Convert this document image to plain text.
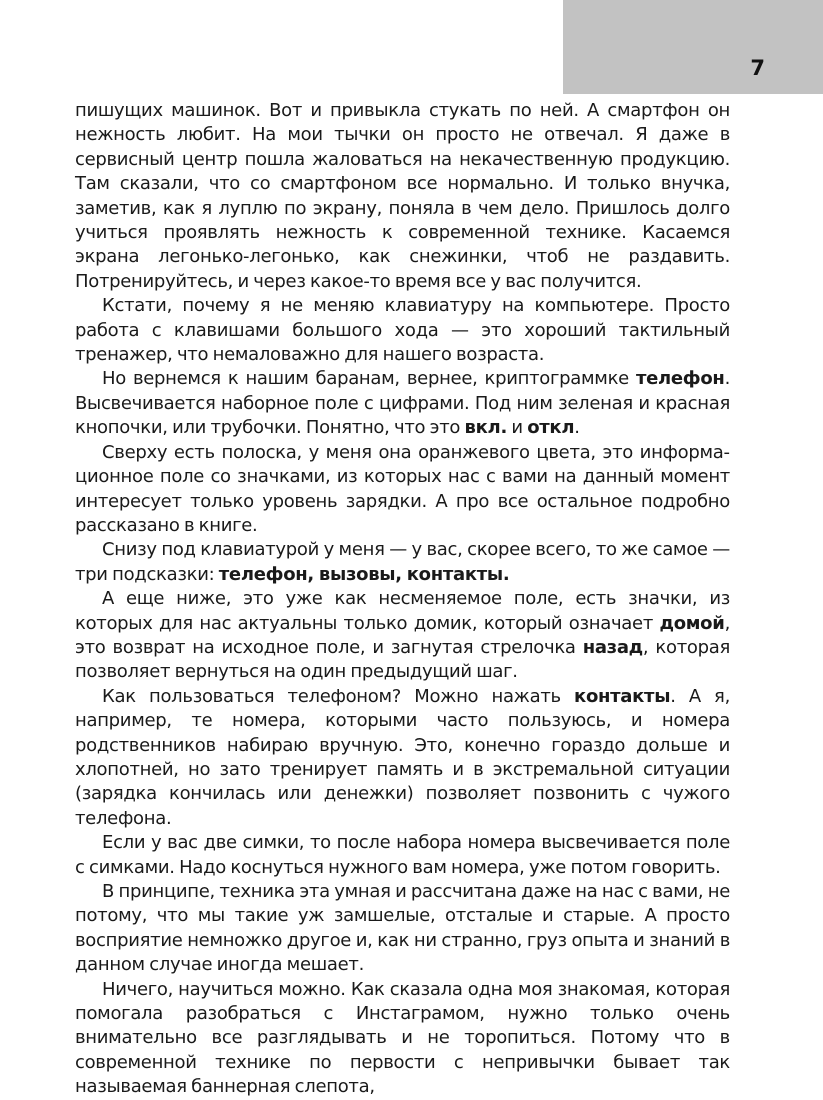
7

пишущих машинок. Вот и привыкла стукать по ней. А смартфон он нежность любит. На мои тычки он просто не отвечал. Я даже в сервисный центр пошла жаловаться на некачественную продукцию. Там сказали, что со смартфоном все нормально. И только внучка, заметив, как я луплю по экрану, поняла в чем дело. Пришлось долго учиться проявлять нежность к современной технике. Касаемся экрана легонько-легонько, как снежинки, чтоб не раздавить. Потренируйтесь, и через какое-то время все у вас получится.

Кстати, почему я не меняю клавиатуру на компьютере. Просто работа с клавишами большого хода — это хороший тактильный тренажер, что немаловажно для нашего возраста.

Но вернемся к нашим баранам, вернее, криптограммке телефон. Высвечивается наборное поле с цифрами. Под ним зеленая и красная кнопочки, или трубочки. Понятно, что это вкл. и откл.

Сверху есть полоска, у меня она оранжевого цвета, это информационное поле со значками, из которых нас с вами на данный момент интересует только уровень зарядки. А про все остальное подробно рассказано в книге.

Снизу под клавиатурой у меня — у вас, скорее всего, то же самое — три подсказки: телефон, вызовы, контакты.

А еще ниже, это уже как несменяемое поле, есть значки, из которых для нас актуальны только домик, который означает домой, это возврат на исходное поле, и загнутая стрелочка назад, которая позволяет вернуться на один предыдущий шаг.

Как пользоваться телефоном? Можно нажать контакты. А я, например, те номера, которыми часто пользуюсь, и номера родственников набираю вручную. Это, конечно гораздо дольше и хлопотней, но зато тренирует память и в экстремальной ситуации (зарядка кончилась или денежки) позволяет позвонить с чужого телефона.

Если у вас две симки, то после набора номера высвечивается поле с симками. Надо коснуться нужного вам номера, уже потом говорить.

В принципе, техника эта умная и рассчитана даже на нас с вами, не потому, что мы такие уж замшелые, отсталые и старые. А просто восприятие немножко другое и, как ни странно, груз опыта и знаний в данном случае иногда мешает.

Ничего, научиться можно. Как сказала одна моя знакомая, которая помогала разобраться с Инстаграмом, нужно только очень внимательно все разглядывать и не торопиться. Потому что в современной технике по первости с непривычки бывает так называемая баннерная слепота,
